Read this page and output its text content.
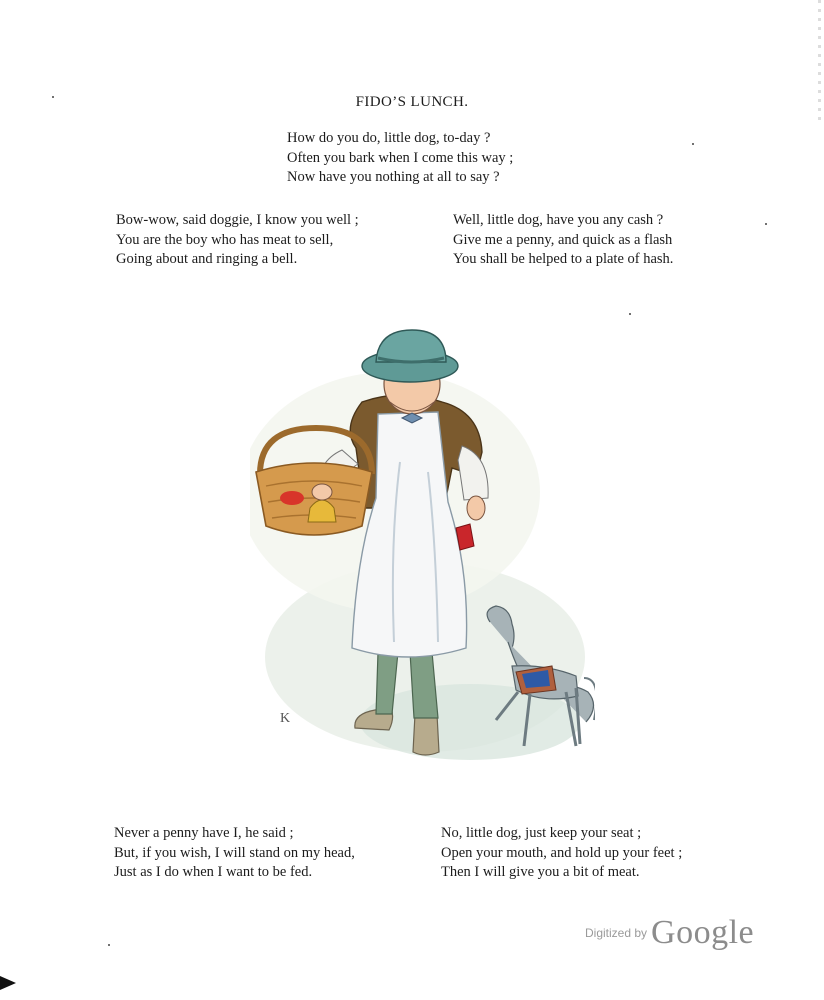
FIDO’S LUNCH.
How do you do, little dog, to-day ?
Often you bark when I come this way ;
Now have you nothing at all to say ?
Bow-wow, said doggie, I know you well ;
You are the boy who has meat to sell,
Going about and ringing a bell.
Well, little dog, have you any cash ?
Give me a penny, and quick as a flash
You shall be helped to a plate of hash.
K
Never a penny have I, he said ;
But, if you wish, I will stand on my head,
Just as I do when I want to be fed.
No, little dog, just keep your seat ;
Open your mouth, and hold up your feet ;
Then I will give you a bit of meat.
$^{Digitized by}$ Google
